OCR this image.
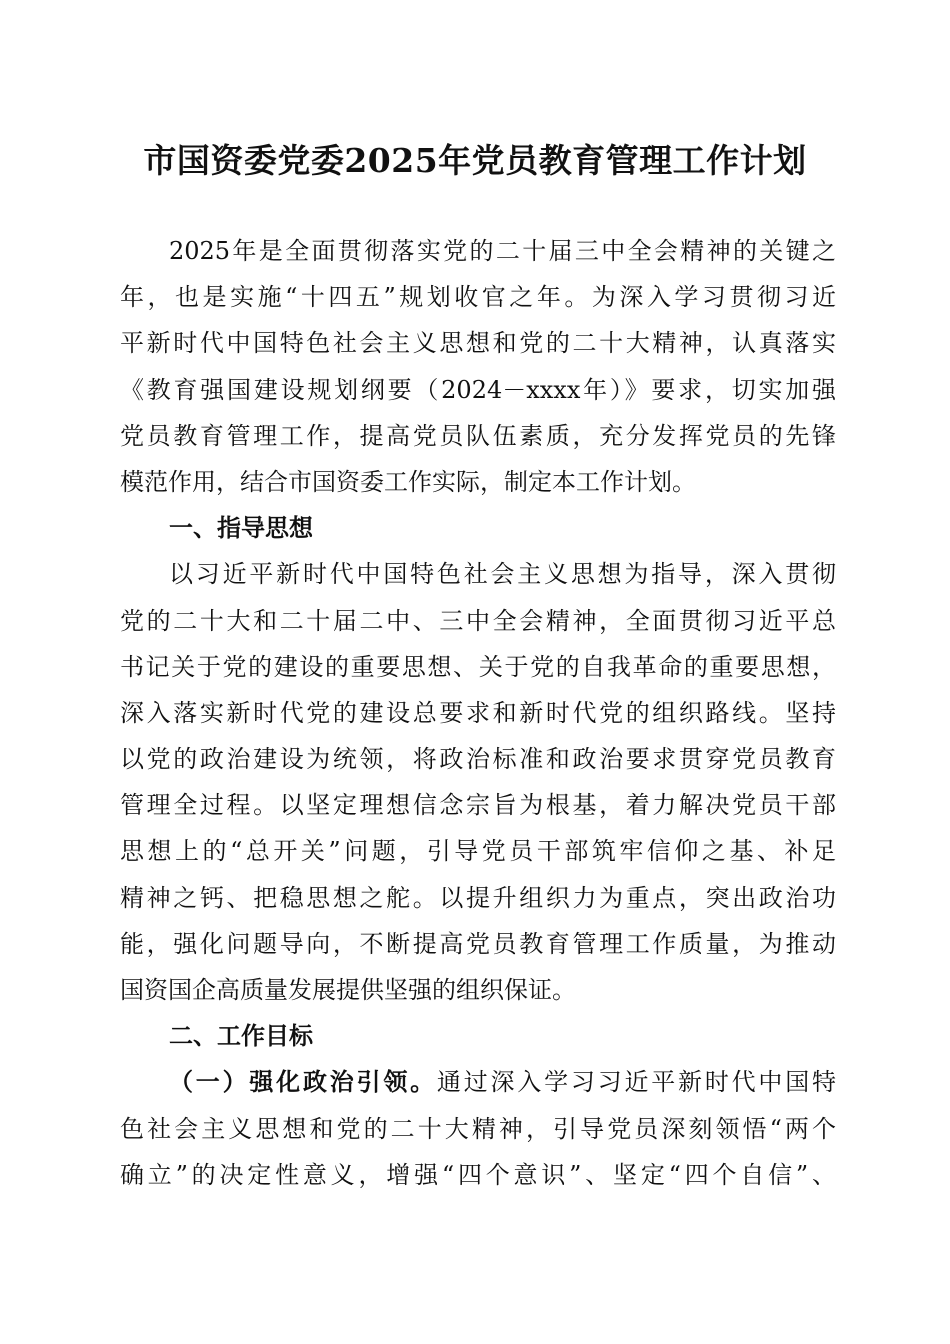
市国资委党委2025年党员教育管理工作计划
2025年是全面贯彻落实党的二十届三中全会精神的关键之
年，也是实施“十四五”规划收官之年。为深入学习贯彻习近
平新时代中国特色社会主义思想和党的二十大精神，认真落实
《教育强国建设规划纲要（2024－xxxx年）》要求，切实加强
党员教育管理工作，提高党员队伍素质，充分发挥党员的先锋
模范作用，结合市国资委工作实际，制定本工作计划。
一、指导思想
以习近平新时代中国特色社会主义思想为指导，深入贯彻
党的二十大和二十届二中、三中全会精神，全面贯彻习近平总
书记关于党的建设的重要思想、关于党的自我革命的重要思想，
深入落实新时代党的建设总要求和新时代党的组织路线。坚持
以党的政治建设为统领，将政治标准和政治要求贯穿党员教育
管理全过程。以坚定理想信念宗旨为根基，着力解决党员干部
思想上的“总开关”问题，引导党员干部筑牢信仰之基、补足
精神之钙、把稳思想之舵。以提升组织力为重点，突出政治功
能，强化问题导向，不断提高党员教育管理工作质量，为推动
国资国企高质量发展提供坚强的组织保证。
二、工作目标
（一）强化政治引领。通过深入学习习近平新时代中国特
色社会主义思想和党的二十大精神，引导党员深刻领悟“两个
确立”的决定性意义，增强“四个意识”、坚定“四个自信”、
